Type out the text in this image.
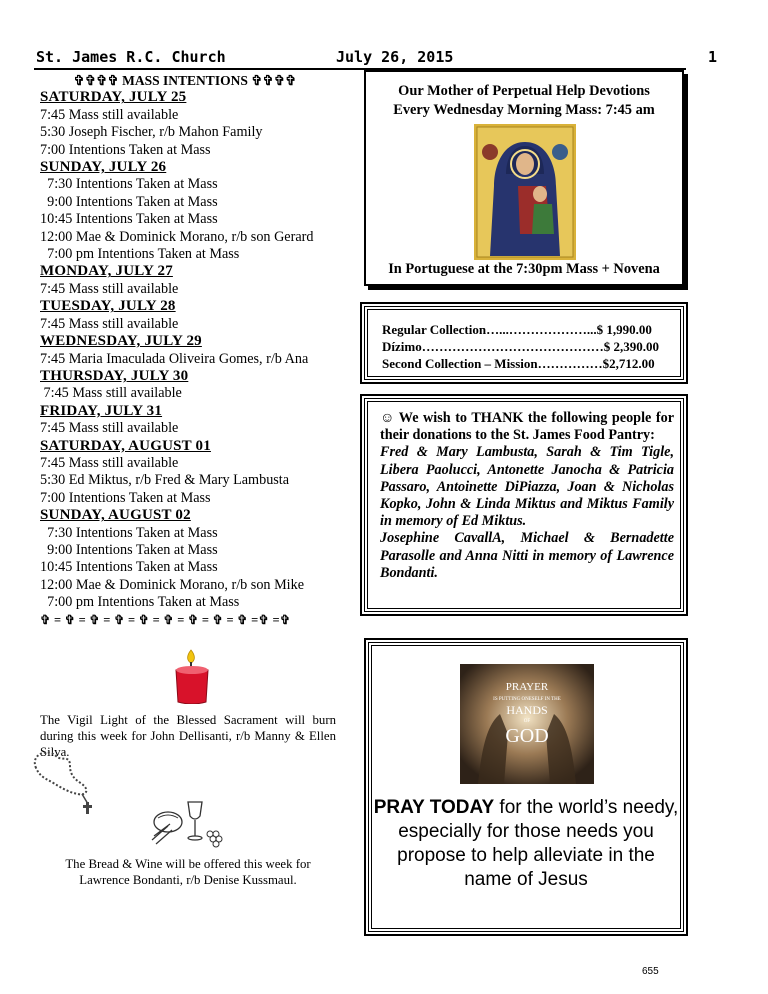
St. James R.C. Church	July 26, 2015	1
✞✞✞✞ MASS INTENTIONS ✞✞✞✞
SATURDAY, JULY 25
7:45 Mass still available
5:30 Joseph Fischer, r/b Mahon Family
7:00 Intentions Taken at Mass
SUNDAY, JULY 26
7:30 Intentions Taken at Mass
9:00 Intentions Taken at Mass
10:45 Intentions Taken at Mass
12:00 Mae & Dominick Morano, r/b son Gerard
7:00 pm Intentions Taken at Mass
MONDAY, JULY 27
7:45 Mass still available
TUESDAY, JULY 28
7:45 Mass still available
WEDNESDAY, JULY 29
7:45 Maria Imaculada Oliveira Gomes, r/b Ana
THURSDAY, JULY 30
7:45 Mass still available
FRIDAY, JULY 31
7:45 Mass still available
SATURDAY, AUGUST 01
7:45 Mass still available
5:30 Ed Miktus, r/b Fred & Mary Lambusta
7:00 Intentions Taken at Mass
SUNDAY, AUGUST 02
7:30 Intentions Taken at Mass
9:00 Intentions Taken at Mass
10:45 Intentions Taken at Mass
12:00 Mae & Dominick Morano, r/b son Mike
7:00 pm Intentions Taken at Mass
✞ = ✞ = ✞ = ✞ = ✞ = ✞ = ✞ = ✞ = ✞ =✞ =✞
Our Mother of Perpetual Help Devotions
Every Wednesday Morning Mass: 7:45 am
In Portuguese at the 7:30pm Mass + Novena
Regular Collection…...………………...$ 1,990.00
Dízimo……………………………………$ 2,390.00
Second Collection – Mission……………$2,712.00
☺ We wish to THANK the following people for their donations to the St. James Food Pantry:
Fred & Mary Lambusta, Sarah & Tim Tigle, Libera Paolucci, Antonette Janocha & Patricia Passaro, Antoinette DiPiazza, Joan & Nicholas Kopko, John & Linda Miktus and Miktus Family in memory of Ed Miktus.
Josephine CavallA, Michael & Bernadette Parasolle and Anna Nitti in memory of Lawrence Bondanti.
PRAYER
IS PUTTING ONESELF IN THE
HANDS
OF
GOD
PRAY TODAY for the world’s needy, especially for those needs you propose to help alleviate in the name of Jesus
The Vigil Light of the Blessed Sacrament will burn during this week for John Dellisanti, r/b Manny & Ellen Silva.
The Bread & Wine will be offered this week for Lawrence Bondanti, r/b Denise Kussmaul.
655
